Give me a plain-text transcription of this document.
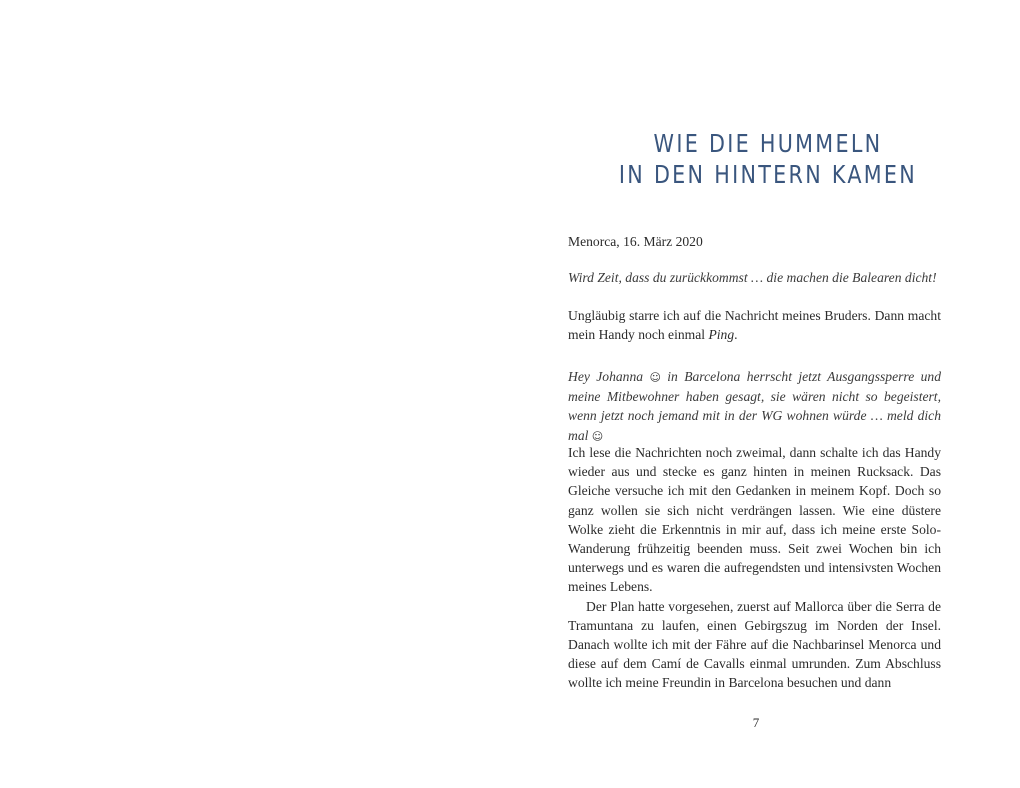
WIE DIE HUMMELN
IN DEN HINTERN KAMEN

Menorca, 16. März 2020

Wird Zeit, dass du zurückkommst … die machen die Balearen dicht!

Ungläubig starre ich auf die Nachricht meines Bruders. Dann macht mein Handy noch einmal Ping.

Hey Johanna ☺ in Barcelona herrscht jetzt Ausgangssperre und meine Mitbewohner haben gesagt, sie wären nicht so begeistert, wenn jetzt noch jemand mit in der WG wohnen würde … meld dich mal ☺

Ich lese die Nachrichten noch zweimal, dann schalte ich das Handy wieder aus und stecke es ganz hinten in meinen Rucksack. Das Gleiche versuche ich mit den Gedanken in meinem Kopf. Doch so ganz wollen sie sich nicht verdrängen lassen. Wie eine düstere Wolke zieht die Erkenntnis in mir auf, dass ich meine erste Solo-Wanderung frühzeitig beenden muss. Seit zwei Wochen bin ich unterwegs und es waren die aufregendsten und intensivsten Wochen meines Lebens.

Der Plan hatte vorgesehen, zuerst auf Mallorca über die Serra de Tramuntana zu laufen, einen Gebirgszug im Norden der Insel. Danach wollte ich mit der Fähre auf die Nachbarinsel Menorca und diese auf dem Camí de Cavalls einmal umrunden. Zum Abschluss wollte ich meine Freundin in Barcelona besuchen und dann

7
